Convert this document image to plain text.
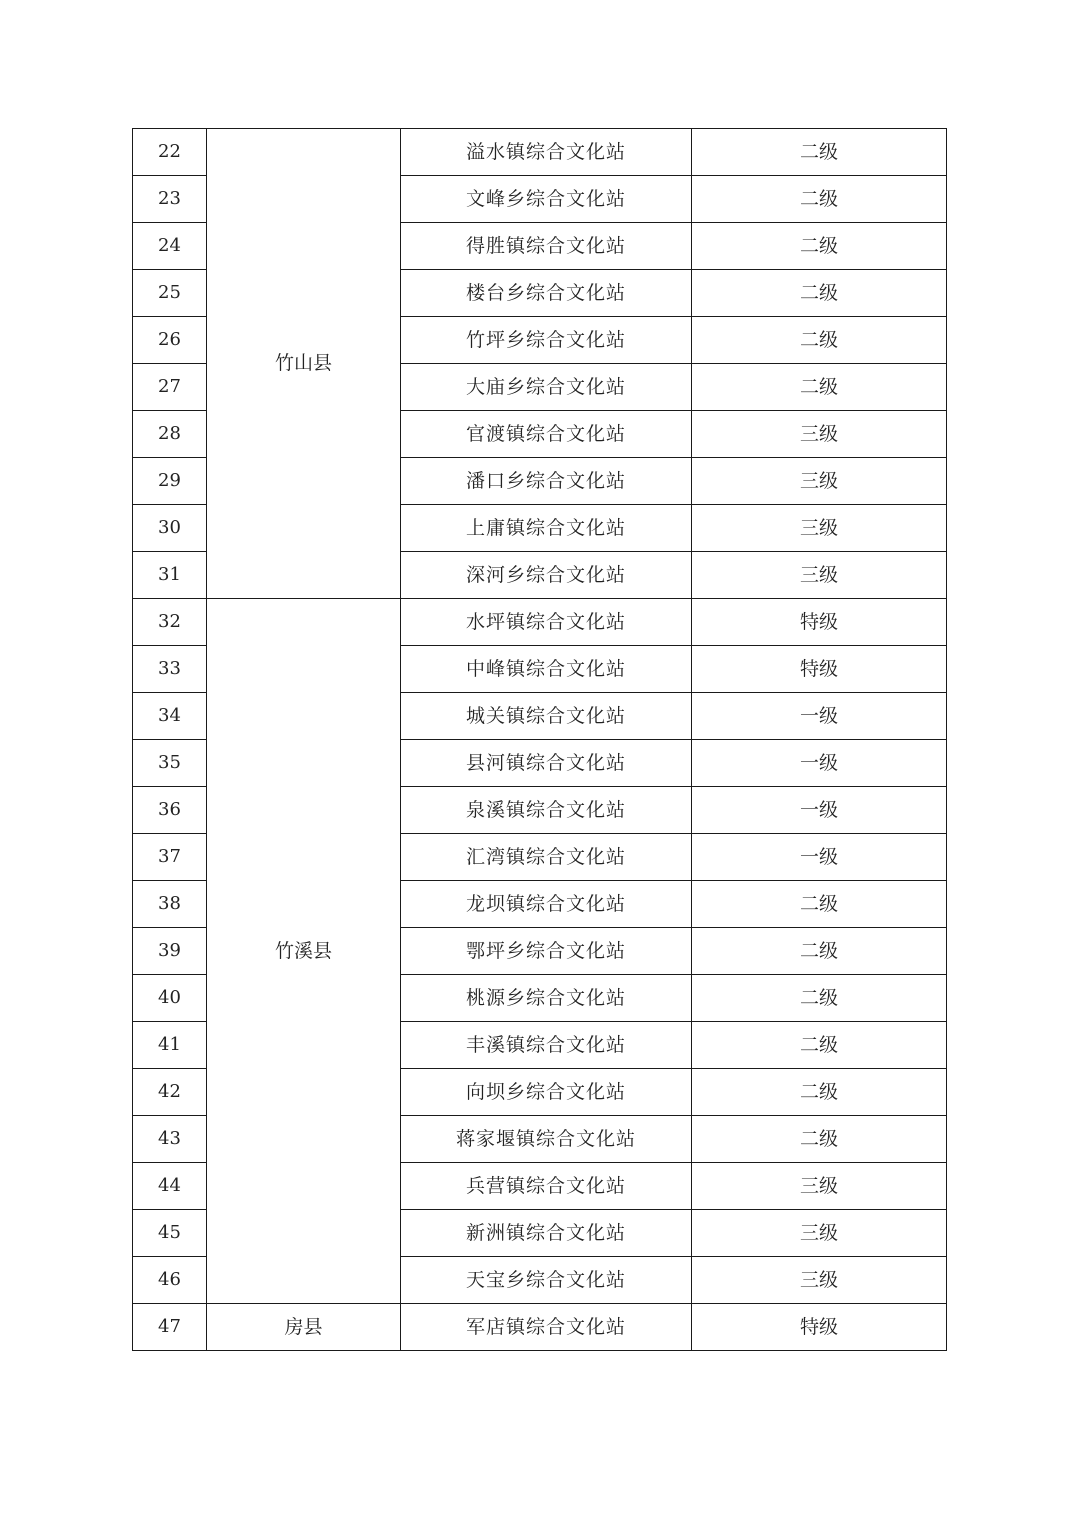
22	竹山县	溢水镇综合文化站	二级
23		文峰乡综合文化站	二级
24		得胜镇综合文化站	二级
25		楼台乡综合文化站	二级
26		竹坪乡综合文化站	二级
27		大庙乡综合文化站	二级
28		官渡镇综合文化站	三级
29		潘口乡综合文化站	三级
30		上庸镇综合文化站	三级
31		深河乡综合文化站	三级
32	竹溪县	水坪镇综合文化站	特级
33		中峰镇综合文化站	特级
34		城关镇综合文化站	一级
35		县河镇综合文化站	一级
36		泉溪镇综合文化站	一级
37		汇湾镇综合文化站	一级
38		龙坝镇综合文化站	二级
39		鄂坪乡综合文化站	二级
40		桃源乡综合文化站	二级
41		丰溪镇综合文化站	二级
42		向坝乡综合文化站	二级
43		蒋家堰镇综合文化站	二级
44		兵营镇综合文化站	三级
45		新洲镇综合文化站	三级
46		天宝乡综合文化站	三级
47	房县	军店镇综合文化站	特级
